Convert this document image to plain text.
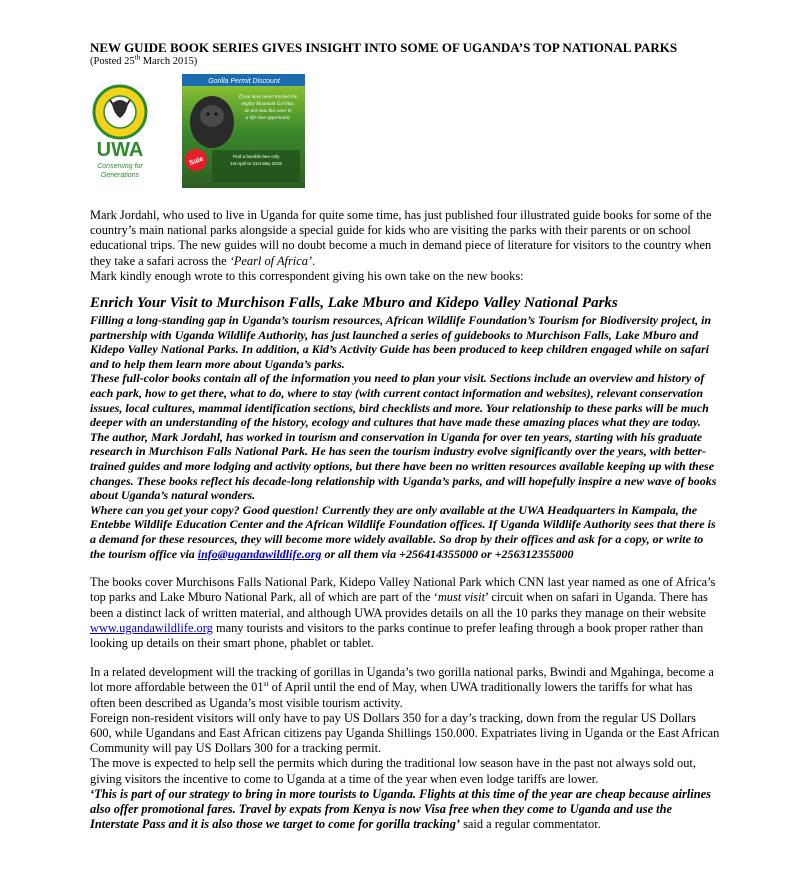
NEW GUIDE BOOK SERIES GIVES INSIGHT INTO SOME OF UGANDA’S TOP NATIONAL PARKS

(Posted 25th March 2015)

UWA
Conserving for
Generations
Gorilla Permit Discount
If you have never tracked the
mighty Mountain Gorillas,
do not miss this once in
a life time opportunity
Sale	Find a bumble bee only
1st April to 31st May 2015

Mark Jordahl, who used to live in Uganda for quite some time, has just published four illustrated guide books for some of the country’s main national parks alongside a special guide for kids who are visiting the parks with their parents or on school educational trips. The new guides will no doubt become a much in demand piece of literature for visitors to the country when they take a safari across the ‘Pearl of Africa’.

Mark kindly enough wrote to this correspondent giving his own take on the new books:

Enrich Your Visit to Murchison Falls, Lake Mburo and Kidepo Valley National Parks

Filling a long-standing gap in Uganda’s tourism resources, African Wildlife Foundation’s Tourism for Biodiversity project, in partnership with Uganda Wildlife Authority, has just launched a series of guidebooks to Murchison Falls, Lake Mburo and Kidepo Valley National Parks. In addition, a Kid’s Activity Guide has been produced to keep children engaged while on safari and to help them learn more about Uganda’s parks.

These full-color books contain all of the information you need to plan your visit. Sections include an overview and history of each park, how to get there, what to do, where to stay (with current contact information and websites), relevant conservation issues, local cultures, mammal identification sections, bird checklists and more. Your relationship to these parks will be much deeper with an understanding of the history, ecology and cultures that have made these amazing places what they are today.

The author, Mark Jordahl, has worked in tourism and conservation in Uganda for over ten years, starting with his graduate research in Murchison Falls National Park. He has seen the tourism industry evolve significantly over the years, with better-trained guides and more lodging and activity options, but there have been no written resources available keeping up with these changes. These books reflect his decade-long relationship with Uganda’s parks, and will hopefully inspire a new wave of books about Uganda’s natural wonders.

Where can you get your copy? Good question! Currently they are only available at the UWA Headquarters in Kampala, the Entebbe Wildlife Education Center and the African Wildlife Foundation offices. If Uganda Wildlife Authority sees that there is a demand for these resources, they will become more widely available. So drop by their offices and ask for a copy, or write to the tourism office via info@ugandawildlife.org or all them via +256414355000 or +256312355000

The books cover Murchisons Falls National Park, Kidepo Valley National Park which CNN last year named as one of Africa’s top parks and Lake Mburo National Park, all of which are part of the ‘must visit’ circuit when on safari in Uganda. There has been a distinct lack of written material, and although UWA provides details on all the 10 parks they manage on their website www.ugandawildlife.org many tourists and visitors to the parks continue to prefer leafing through a book proper rather than looking up details on their smart phone, phablet or tablet.

In a related development will the tracking of gorillas in Uganda’s two gorilla national parks, Bwindi and Mgahinga, become a lot more affordable between the 01st of April until the end of May, when UWA traditionally lowers the tariffs for what has often been described as Uganda’s most visible tourism activity.

Foreign non-resident visitors will only have to pay US Dollars 350 for a day’s tracking, down from the regular US Dollars 600, while Ugandans and East African citizens pay Uganda Shillings 150.000. Expatriates living in Uganda or the East African Community will pay US Dollars 300 for a tracking permit.

The move is expected to help sell the permits which during the traditional low season have in the past not always sold out, giving visitors the incentive to come to Uganda at a time of the year when even lodge tariffs are lower.

‘This is part of our strategy to bring in more tourists to Uganda. Flights at this time of the year are cheap because airlines also offer promotional fares. Travel by expats from Kenya is now Visa free when they come to Uganda and use the Interstate Pass and it is also those we target to come for gorilla tracking’ said a regular commentator.
